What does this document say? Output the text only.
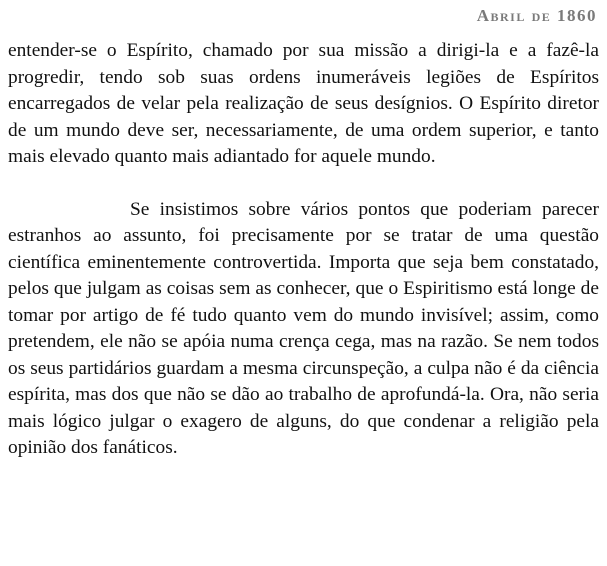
Abril de 1860

entender-se o Espírito, chamado por sua missão a dirigi-la e a fazê-la progredir, tendo sob suas ordens inumeráveis legiões de Espíritos encarregados de velar pela realização de seus desígnios. O Espírito diretor de um mundo deve ser, necessariamente, de uma ordem superior, e tanto mais elevado quanto mais adiantado for aquele mundo.

Se insistimos sobre vários pontos que poderiam parecer estranhos ao assunto, foi precisamente por se tratar de uma questão científica eminentemente controvertida. Importa que seja bem constatado, pelos que julgam as coisas sem as conhecer, que o Espiritismo está longe de tomar por artigo de fé tudo quanto vem do mundo invisível; assim, como pretendem, ele não se apóia numa crença cega, mas na razão. Se nem todos os seus partidários guardam a mesma circunspeção, a culpa não é da ciência espírita, mas dos que não se dão ao trabalho de aprofundá-la. Ora, não seria mais lógico julgar o exagero de alguns, do que condenar a religião pela opinião dos fanáticos.
